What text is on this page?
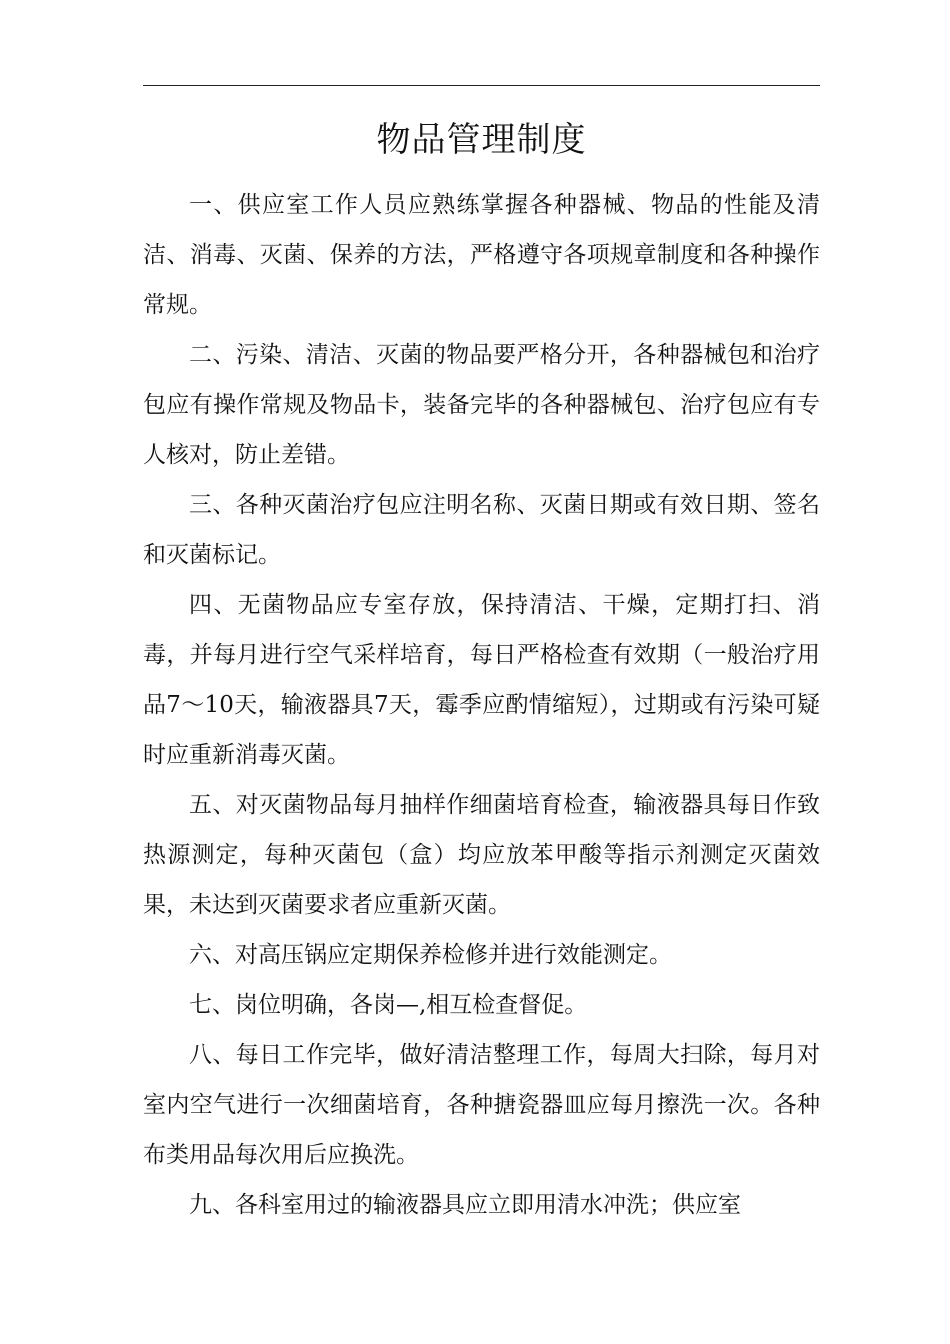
物品管理制度

一、供应室工作人员应熟练掌握各种器械、物品的性能及清洁、消毒、灭菌、保养的方法，严格遵守各项规章制度和各种操作常规。

二、污染、清洁、灭菌的物品要严格分开，各种器械包和治疗包应有操作常规及物品卡，装备完毕的各种器械包、治疗包应有专人核对，防止差错。

三、各种灭菌治疗包应注明名称、灭菌日期或有效日期、签名和灭菌标记。

四、无菌物品应专室存放，保持清洁、干燥，定期打扫、消毒，并每月进行空气采样培育，每日严格检查有效期（一般治疗用品7〜10天，输液器具7天，霉季应酌情缩短），过期或有污染可疑时应重新消毒灭菌。

五、对灭菌物品每月抽样作细菌培育检查，输液器具每日作致热源测定，每种灭菌包（盒）均应放苯甲酸等指示剂测定灭菌效果，未达到灭菌要求者应重新灭菌。

六、对高压锅应定期保养检修并进行效能测定。

七、岗位明确，各岗—,相互检查督促。

八、每日工作完毕，做好清洁整理工作，每周大扫除，每月对室内空气进行一次细菌培育，各种搪瓷器皿应每月擦洗一次。各种布类用品每次用后应换洗。

九、各科室用过的输液器具应立即用清水冲洗；供应室
